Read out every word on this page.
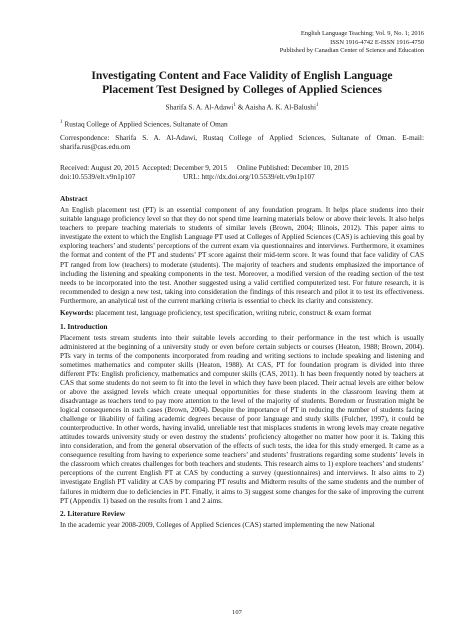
English Language Teaching; Vol. 9, No. 1; 2016
ISSN 1916-4742 E-ISSN 1916-4750
Published by Canadian Center of Science and Education
Investigating Content and Face Validity of English Language
Placement Test Designed by Colleges of Applied Sciences
Sharifa S. A. Al-Adawi$^1$ & Aaisha A. K. Al-Balushi$^1$
$^1$ Rustaq College of Applied Sciences, Sultanate of Oman
Correspondence: Sharifa S. A. Al-Adawi, Rustaq College of Applied Sciences, Sultanate of Oman. E-mail: sharifa.rus@cas.edu.om
Received: August 20, 2015 Accepted: December 9, 2015	Online Published: December 10, 2015
doi:10.5539/elt.v9n1p107	URL: http://dx.doi.org/10.5539/elt.v9n1p107
Abstract

An English placement test (PT) is an essential component of any foundation program. It helps place students into their suitable language proficiency level so that they do not spend time learning materials below or above their levels. It also helps teachers to prepare teaching materials to students of similar levels (Brown, 2004; Illinois, 2012). This paper aims to investigate the extent to which the English Language PT used at Colleges of Applied Sciences (CAS) is achieving this goal by exploring teachers’ and students’ perceptions of the current exam via questionnaires and interviews. Furthermore, it examines the format and content of the PT and students’ PT score against their mid-term score. It was found that face validity of CAS PT ranged from low (teachers) to moderate (students). The majority of teachers and students emphasized the importance of including the listening and speaking components in the test. Moreover, a modified version of the reading section of the test needs to be incorporated into the test. Another suggested using a valid certified computerized test. For future research, it is recommended to design a new test, taking into consideration the findings of this research and pilot it to test its effectiveness. Furthermore, an analytical test of the current marking criteria is essential to check its clarity and consistency.

Keywords: placement test, language proficiency, test specification, writing rubric, construct & exam format
1. Introduction

Placement tests stream students into their suitable levels according to their performance in the test which is usually administered at the beginning of a university study or even before certain subjects or courses (Heaton, 1988; Brown, 2004). PTs vary in terms of the components incorporated from reading and writing sections to include speaking and listening and sometimes mathematics and computer skills (Heaton, 1988). At CAS, PT for foundation program is divided into three different PTs: English proficiency, mathematics and computer skills (CAS, 2011). It has been frequently noted by teachers at CAS that some students do not seem to fit into the level in which they have been placed. Their actual levels are either below or above the assigned levels which create unequal opportunities for these students in the classroom leaving them at disadvantage as teachers tend to pay more attention to the level of the majority of students. Boredom or frustration might be logical consequences in such cases (Brown, 2004). Despite the importance of PT in reducing the number of students facing challenge or likability of failing academic degrees because of poor language and study skills (Fulcher, 1997), it could be counterproductive. In other words, having invalid, unreliable test that misplaces students in wrong levels may create negative attitudes towards university study or even destroy the students’ proficiency altogether no matter how poor it is. Taking this into consideration, and from the general observation of the effects of such tests, the idea for this study emerged. It came as a consequence resulting from having to experience some teachers’ and students’ frustrations regarding some students’ levels in the classroom which creates challenges for both teachers and students. This research aims to 1) explore teachers’ and students’ perceptions of the current English PT at CAS by conducting a survey (questionnaires) and interviews. It also aims to 2) investigate English PT validity at CAS by comparing PT results and Midterm results of the same students and the number of failures in midterm due to deficiencies in PT. Finally, it aims to 3) suggest some changes for the sake of improving the current PT (Appendix 1) based on the results from 1 and 2 aims.

2. Literature Review

In the academic year 2008-2009, Colleges of Applied Sciences (CAS) started implementing the new National

107
